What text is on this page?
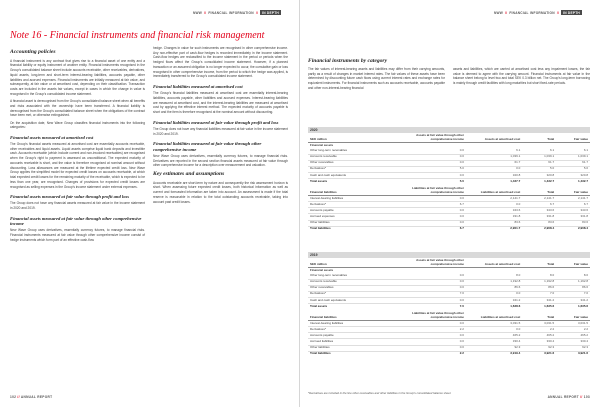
NWW // FINANCIAL INFORMATION //	IN DEPTH
Note 16 - Financial instruments and financial risk management
Accounting policies

A financial instrument is any contract that gives rise to a financial asset of one entity and a financial liability or equity instrument of another entity. Financial instruments recognised in the Group's consolidated balance sheet include accounts receivable, other receivables, derivatives, liquid assets, long-term and short-term interest-bearing liabilities, accounts payable, other liabilities and accrued expenses. Financial instruments are initially measured at fair value, and subsequently, at fair value or at amortised cost, depending on their classification. Transaction costs are included in the assets fair values, except in cases in which the change in value is recognised in the Group's consolidated income statement.

A financial asset is derecognised from the Group's consolidated balance sheet when all benefits and risks associated with the ownership have been transferred. A financial liability is derecognised from the Group's consolidated balance sheet when the obligations of the contract have been met, or otherwise extinguished.

On the acquisition date, New Wave Group classifies financial instruments into the following categories:

Financial assets measured at amortised cost

The Group's financial assets measured at amortised cost are essentially accounts receivable, other receivables and liquid assets. Liquid assets comprise liquid bank deposits and investible cash. Accounts receivable (which include current and non-invoiced receivables) are recognised when the Group's right to payment is assessed as unconditional. The expected maturity of accounts receivable is short, and the value is therefore recognised at nominal amount without discounting. Loss allowances are measured at the lifetime expected credit loss. New Wave Group applies the simplified model for expected credit losses on accounts receivable, at which total expected credit losses for the remaining maturity of the receivable, which is expected to be less than one year, are recognised. Changes of provisions for expected credit losses are recognised as selling expenses in the Group's income statement under external expenses.

Financial assets measured at fair value through profit and loss

The Group does not have any financial assets measured at fair value in the income statement in 2020 and 2019.

Financial assets measured at fair value through other comprehensive income

New Wave Group uses derivatives, essentially currency futures, to manage financial risks. Financial instruments measured at fair value through other comprehensive income consist of hedge instruments which form part of an effective cash-flow

hedge. Changes in value for such instruments are recognised in other comprehensive income. Any non-effective part of cash-flow hedges is recorded immediately in the income statement. Cash-flow hedges are reclassified to the income statement in the period or periods when the hedged flows affect the Group's consolidated income statement. However, if a planned transaction or an assumed obligation is no longer expected to occur, the cumulative gain or loss recognised in other comprehensive income, from the period to which the hedge was applied, is immediately transferred to the Group's consolidated income statement.

Financial liabilities measured at amortised cost

The Group's financial liabilities measured at amortised cost are essentially interest-bearing liabilities, accounts payable, other liabilities and accrued expenses. Interest-bearing liabilities are measured at amortised cost, and the interest-bearing liabilities are measured at amortised cost by applying the effective interest method. The expected maturity of accounts payable is short and the item is therefore recognised at the nominal amount without discounting.

Financial liabilities measured at fair value through profit and loss

The Group does not have any financial liabilities measured at fair value in the income statement in 2020 and 2019.

Financial liabilities measured at fair value through other comprehensive income

New Wave Group uses derivatives, essentially currency futures, to manage financial risks. Derivatives are reported in the second section financial assets measured at fair value through other comprehensive income for a description over measurement and valuation.

Key estimates and assumptions

Accounts receivable are short-term by nature and consequently the risk assessment horizon is short. When assessing future expected credit losses, both historical information as well as current and forecasted information are taken into account. An assessment is made if the total reserve is reasonable in relation to the total outstanding accounts receivable, taking into account past credit losses.

102 // ANNUAL REPORT
NWW // FINANCIAL INFORMATION //	IN DEPTH
Financial instruments by category

The fair values of interest-bearing assets and liabilities may differ from their carrying amounts, partly as a result of changes in market interest rates. The fair values of these assets have been determined by discounting future cash flows using current interest rates and exchange rates for equivalent instruments. For financial instruments such as accounts receivable, accounts payable and other non-interest-bearing financial

assets and liabilities, which are carried at amortised cost less any impairment losses, the fair value is deemed to agree with the carrying amount. Financial instruments at fair value in the balance sheet belong to level two and total SEK 0.3 billion net. The Group's long-term borrowing is mainly through credit facilities with long maturities but short fixed-rate periods.

2020
SEK million	Assets at fair value through other comprehensive income	Assets at amortised cost	Total	Fair value
Financial assets				
Other long-term receivables	0.0	6.1	6.1	6.1
Accounts receivable	0.0	1,039.1	1,039.1	1,039.1
Other receivables	0.0	61.7	61.7	61.7
Derivatives*	5.0	0.0	5.0	5.0
Cash and cash equivalents	0.0	320.8	320.8	320.8
Total assets	5.0	1,427.7	1,432.7	1,432.7

Financial liabilities	Liabilities at fair value through other comprehensive income	Liabilities at amortised cost	Total	Fair value
Interest-bearing liabilities	0.0	2,141.7	2,141.7	2,141.7
Derivatives*	6.7	0.0	6.7	6.7
Accounts payable	0.0	343.6	343.6	343.6
Accrued expenses	0.0	331.8	331.8	331.8
Other liabilities	0.0	83.6	83.6	83.6
Total liabilities	6.7	2,901.7	2,908.4	2,908.4
2019
SEK million	Assets at fair value through other comprehensive income	Assets at amortised cost	Total	Fair value
Financial assets				
Other long-term receivables	0.0	8.0	8.0	8.0
Accounts receivable	0.0	1,192.8	1,192.8	1,192.8
Other receivables	0.0	86.6	86.6	86.6
Derivatives*	7.0	0.0	7.0	7.0
Cash and cash equivalents	0.0	341.2	341.2	341.2
Total assets	7.0	1,628.6	1,635.6	1,635.6

Financial liabilities	Liabilities at fair value through other comprehensive income	Liabilities at amortised cost	Total	Fair value
Interest-bearing liabilities	0.0	3,031.5	3,031.5	3,031.5
Derivatives*	2.2	0.0	2.2	2.2
Accounts payable	0.0	465.2	465.2	465.2
Accrued liabilities	0.0	330.4	330.4	330.4
Other liabilities	0.0	92.3	92.3	92.3
Total liabilities	2.2	3,919.4	3,921.6	3,921.6
*Derivatives are included in the line other receivables and other liabilities in the Group's consolidated balance sheet.
ANNUAL REPORT // 103
